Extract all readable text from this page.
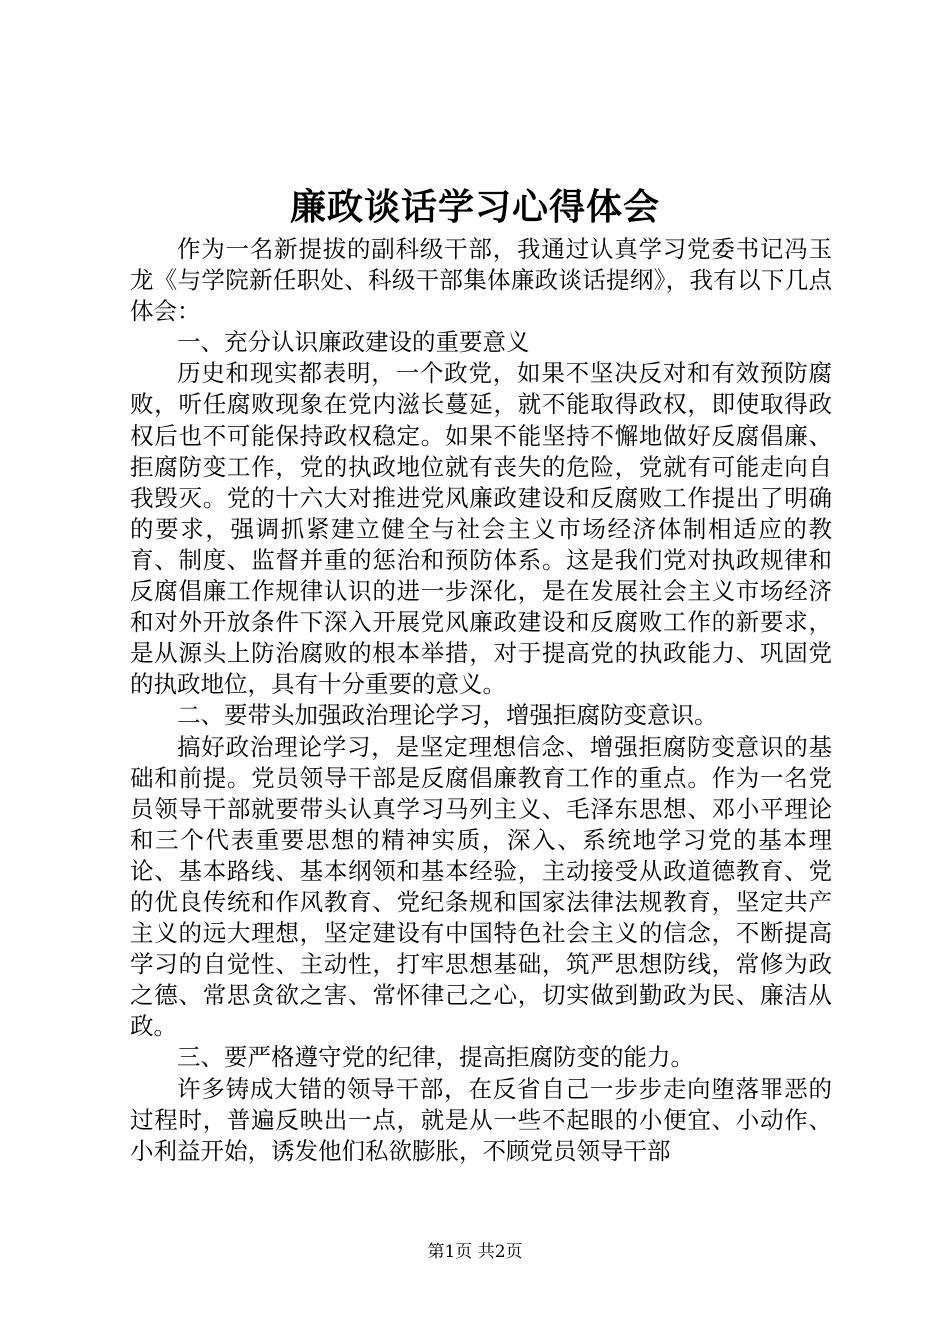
廉政谈话学习心得体会

作为一名新提拔的副科级干部，我通过认真学习党委书记冯玉龙《与学院新任职处、科级干部集体廉政谈话提纲》，我有以下几点体会：

一、充分认识廉政建设的重要意义

历史和现实都表明，一个政党，如果不坚决反对和有效预防腐败，听任腐败现象在党内滋长蔓延，就不能取得政权，即使取得政权后也不可能保持政权稳定。如果不能坚持不懈地做好反腐倡廉、拒腐防变工作，党的执政地位就有丧失的危险，党就有可能走向自我毁灭。党的十六大对推进党风廉政建设和反腐败工作提出了明确的要求，强调抓紧建立健全与社会主义市场经济体制相适应的教育、制度、监督并重的惩治和预防体系。这是我们党对执政规律和反腐倡廉工作规律认识的进一步深化，是在发展社会主义市场经济和对外开放条件下深入开展党风廉政建设和反腐败工作的新要求，是从源头上防治腐败的根本举措，对于提高党的执政能力、巩固党的执政地位，具有十分重要的意义。

二、要带头加强政治理论学习，增强拒腐防变意识。

搞好政治理论学习，是坚定理想信念、增强拒腐防变意识的基础和前提。党员领导干部是反腐倡廉教育工作的重点。作为一名党员领导干部就要带头认真学习马列主义、毛泽东思想、邓小平理论和三个代表重要思想的精神实质，深入、系统地学习党的基本理论、基本路线、基本纲领和基本经验，主动接受从政道德教育、党的优良传统和作风教育、党纪条规和国家法律法规教育，坚定共产主义的远大理想，坚定建设有中国特色社会主义的信念，不断提高学习的自觉性、主动性，打牢思想基础，筑严思想防线，常修为政之德、常思贪欲之害、常怀律己之心，切实做到勤政为民、廉洁从政。

三、要严格遵守党的纪律，提高拒腐防变的能力。

许多铸成大错的领导干部，在反省自己一步步走向堕落罪恶的过程时，普遍反映出一点，就是从一些不起眼的小便宜、小动作、小利益开始，诱发他们私欲膨胀，不顾党员领导干部

第1页 共2页
